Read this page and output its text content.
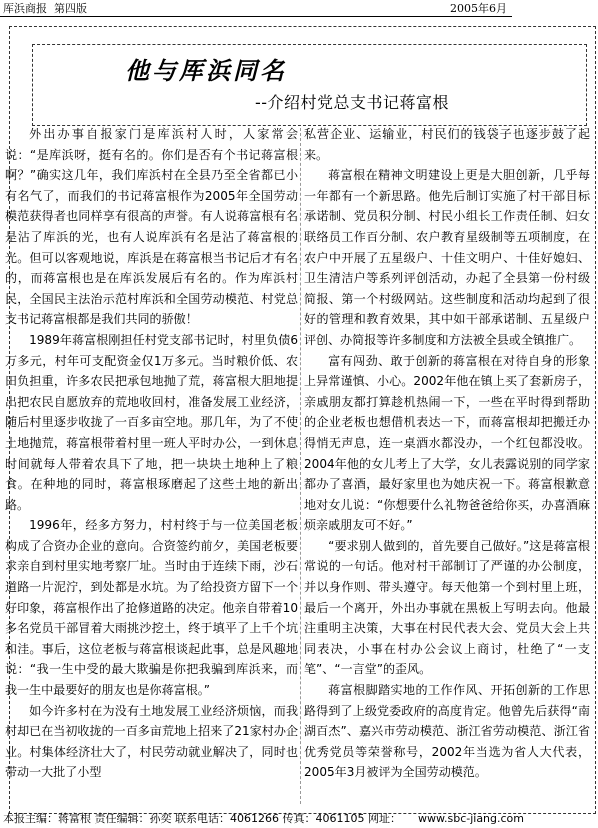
厍浜商报 第四版	2005年6月
他与厍浜同名
--介绍村党总支书记蒋富根

外出办事自报家门是库浜村人时，人家常会说：“是库浜呀，挺有名的。你们是否有个书记蒋富根啊？”确实这几年，我们库浜村在全县乃至全省都已小有名气了，而我们的书记蒋富根作为2005年全国劳动模范获得者也同样享有很高的声誉。有人说蒋富根有名是沾了库浜的光，也有人说库浜有名是沾了蒋富根的光。但可以客观地说，库浜是在蒋富根当书记后才有名的，而蒋富根也是在库浜发展后有名的。作为库浜村民，全国民主法治示范村库浜和全国劳动模范、村党总支书记蒋富根都是我们共同的骄傲！

1989年蒋富根刚担任村党支部书记时，村里负债6万多元，村年可支配资金仅1万多元。当时粮价低、农田负担重，许多农民把承包地抛了荒，蒋富根大胆地提出把农民自愿放弃的荒地收回村，准备发展工业经济，随后村里逐步收拢了一百多亩空地。那几年，为了不使土地抛荒，蒋富根带着村里一班人平时办公，一到休息时间就每人带着农具下了地，把一块块土地种上了粮食。在种地的同时，蒋富根琢磨起了这些土地的新出路。

1996年，经多方努力，村村终于与一位美国老板构成了合资办企业的意向。合资签约前夕，美国老板要求亲自到村里实地考察厂址。当时由于连续下雨，沙石道路一片泥泞，到处都是水坑。为了给投资方留下一个好印象，蒋富根作出了抢修道路的决定。他亲自带着10多名党员干部冒着大雨挑沙挖土，终于填平了上千个坑和洼。事后，这位老板与蒋富根谈起此事，总是风趣地说：“我一生中受的最大欺骗是你把我骗到库浜来，而我一生中最要好的朋友也是你蒋富根。”

如今许多村在为没有土地发展工业经济烦恼，而我村却已在当初收拢的一百多亩荒地上招来了21家村办企业。村集体经济壮大了，村民劳动就业解决了，同时也带动一大批了小型

私营企业、运输业，村民们的钱袋子也逐步鼓了起来。

蒋富根在精神文明建设上更是大胆创新，几乎每一年都有一个新思路。他先后制订实施了村干部目标承诺制、党员积分制、村民小组长工作责任制、妇女联络员工作百分制、农户教育星级制等五项制度，在农户中开展了五星级户、十佳文明户、十佳好媳妇、卫生清洁户等系列评创活动，办起了全县第一份村级简报、第一个村级网站。这些制度和活动均起到了很好的管理和教育效果，其中如干部承诺制、五星级户评创、办简报等许多制度和方法被全县或全镇推广。

富有闯劲、敢于创新的蒋富根在对待自身的形象上异常谨慎、小心。2002年他在镇上买了套新房子，亲戚朋友都打算趁机热闹一下，一些在平时得到帮助的企业老板也想借机表达一下，而蒋富根却把搬迁办得悄无声息，连一桌酒水都没办，一个红包都没收。2004年他的女儿考上了大学，女儿表露说别的同学家都办了喜酒，最好家里也为她庆祝一下。蒋富根歉意地对女儿说：“你想要什么礼物爸爸给你买，办喜酒麻烦亲戚朋友可不好。”

“要求别人做到的，首先要自己做好。”这是蒋富根常说的一句话。他对村干部制订了严谨的办公制度，并以身作则、带头遵守。每天他第一个到村里上班，最后一个离开，外出办事就在黑板上写明去向。他最注重明主决策，大事在村民代表大会、党员大会上共同表决，小事在村办公会议上商讨，杜绝了“一支笔”、“一言堂”的歪风。

蒋富根脚踏实地的工作作风、开拓创新的工作思路得到了上级党委政府的高度肯定。他曾先后获得“南湖百杰”、嘉兴市劳动模范、浙江省劳动模范、浙江省优秀党员等荣誉称号，2002年当选为省人大代表，2005年3月被评为全国劳动模范。

本报主编：蒋富根 责任编辑：孙奕 联系电话：4061266 传真：4061105 网址： www.sbc-jiang.com
